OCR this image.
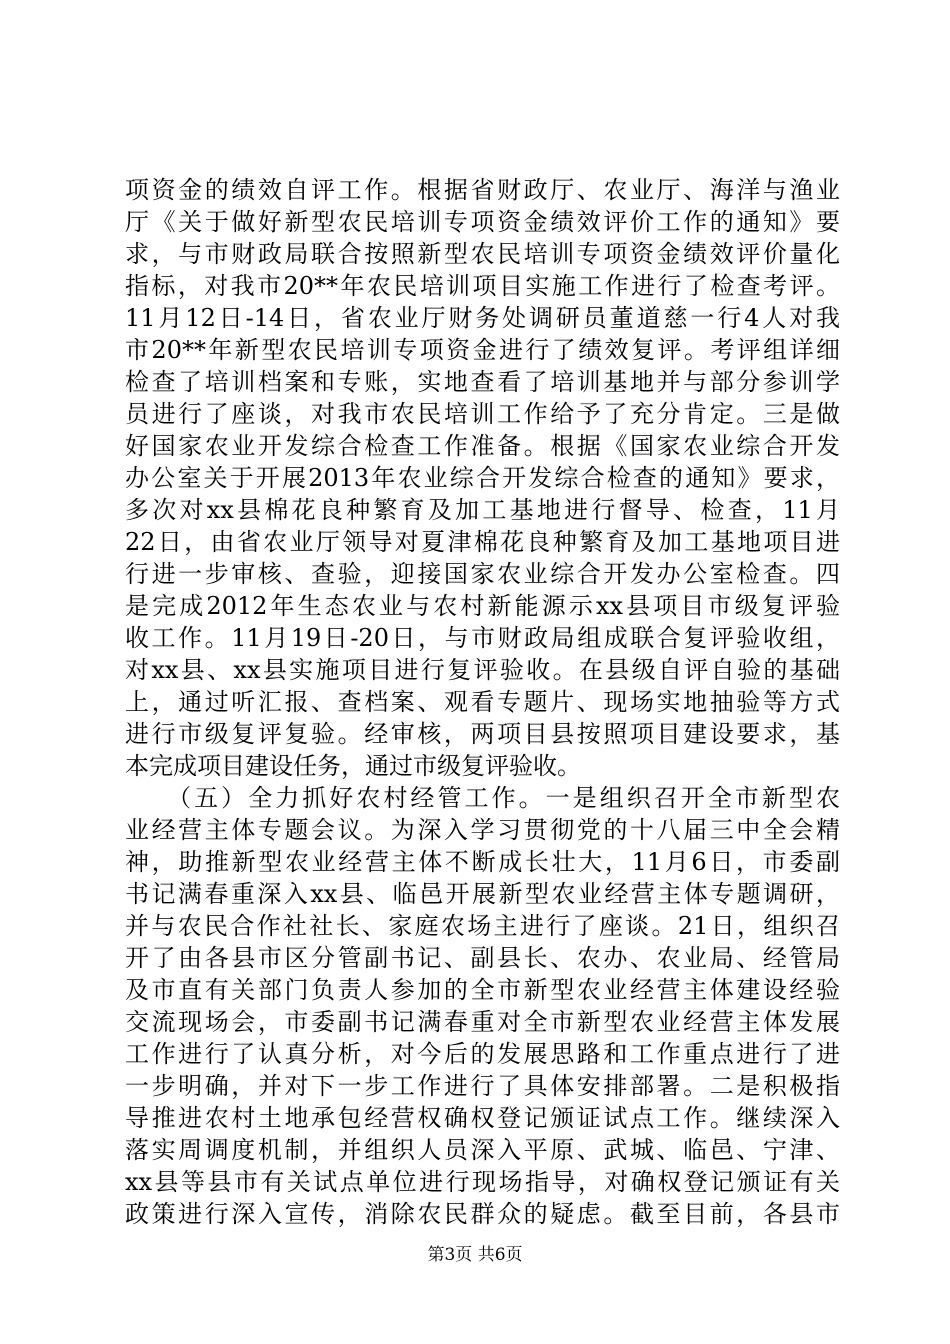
项资金的绩效自评工作。根据省财政厅、农业厅、海洋与渔业
厅《关于做好新型农民培训专项资金绩效评价工作的通知》要
求，与市财政局联合按照新型农民培训专项资金绩效评价量化
指标，对我市20**年农民培训项目实施工作进行了检查考评。
11月12日-14日，省农业厅财务处调研员董道慈一行4人对我
市20**年新型农民培训专项资金进行了绩效复评。考评组详细
检查了培训档案和专账，实地查看了培训基地并与部分参训学
员进行了座谈，对我市农民培训工作给予了充分肯定。三是做
好国家农业开发综合检查工作准备。根据《国家农业综合开发
办公室关于开展2013年农业综合开发综合检查的通知》要求，
多次对xx县棉花良种繁育及加工基地进行督导、检查，11月
22日，由省农业厅领导对夏津棉花良种繁育及加工基地项目进
行进一步审核、查验，迎接国家农业综合开发办公室检查。四
是完成2012年生态农业与农村新能源示xx县项目市级复评验
收工作。11月19日-20日，与市财政局组成联合复评验收组，
对xx县、xx县实施项目进行复评验收。在县级自评自验的基础
上，通过听汇报、查档案、观看专题片、现场实地抽验等方式
进行市级复评复验。经审核，两项目县按照项目建设要求，基
本完成项目建设任务，通过市级复评验收。
　　（五）全力抓好农村经管工作。一是组织召开全市新型农
业经营主体专题会议。为深入学习贯彻党的十八届三中全会精
神，助推新型农业经营主体不断成长壮大，11月6日，市委副
书记满春重深入xx县、临邑开展新型农业经营主体专题调研，
并与农民合作社社长、家庭农场主进行了座谈。21日，组织召
开了由各县市区分管副书记、副县长、农办、农业局、经管局
及市直有关部门负责人参加的全市新型农业经营主体建设经验
交流现场会，市委副书记满春重对全市新型农业经营主体发展
工作进行了认真分析，对今后的发展思路和工作重点进行了进
一步明确，并对下一步工作进行了具体安排部署。二是积极指
导推进农村土地承包经营权确权登记颁证试点工作。继续深入
落实周调度机制，并组织人员深入平原、武城、临邑、宁津、
xx县等县市有关试点单位进行现场指导，对确权登记颁证有关
政策进行深入宣传，消除农民群众的疑虑。截至目前，各县市
第3页 共6页
